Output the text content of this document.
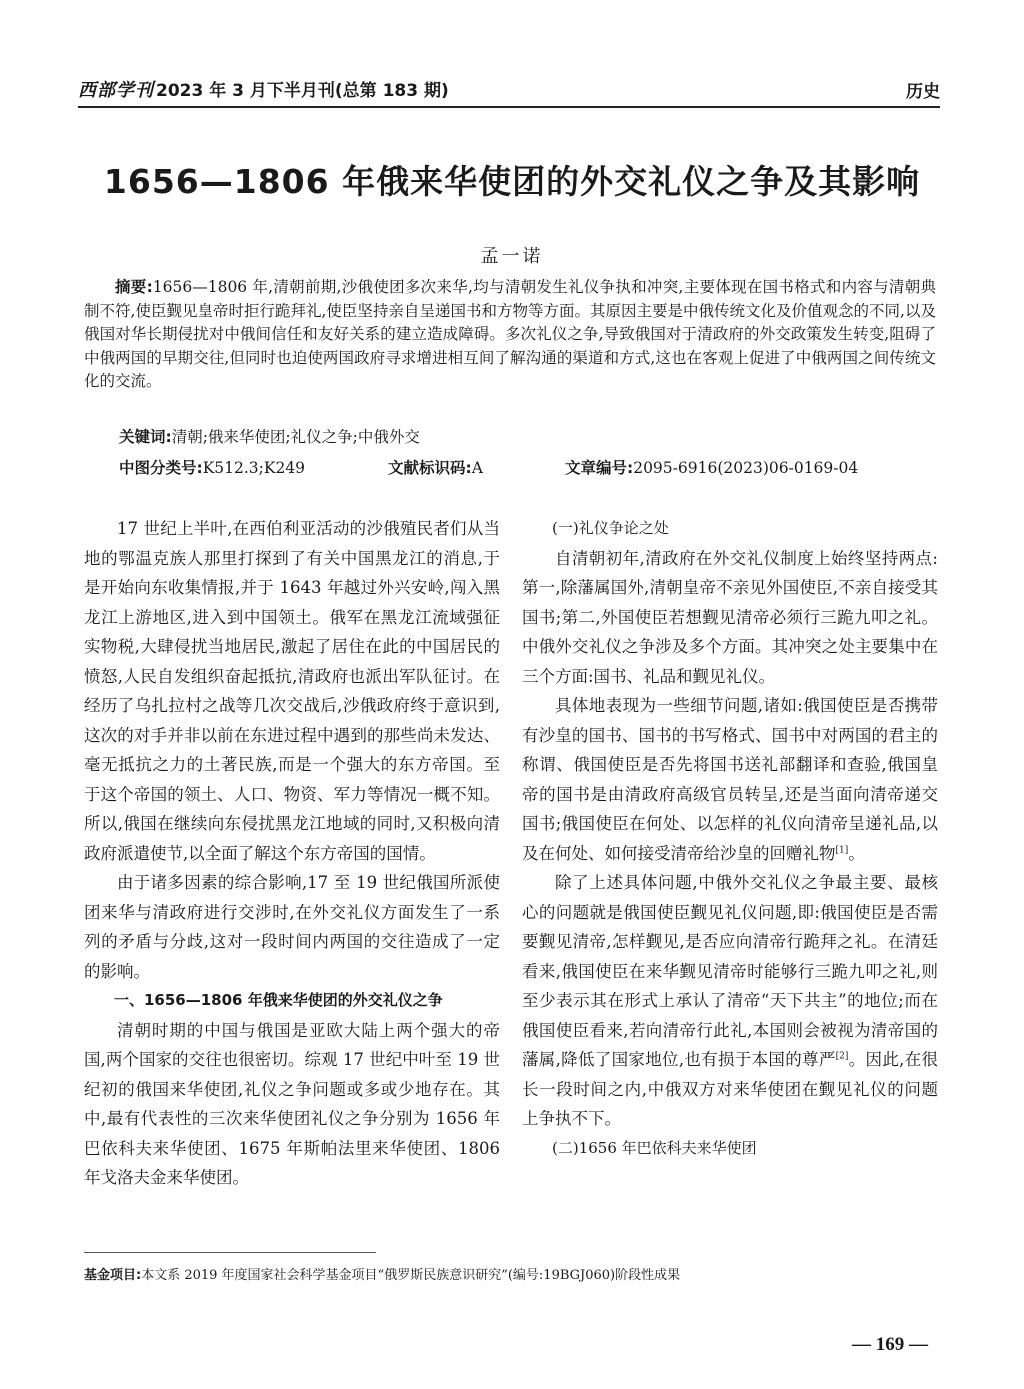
西部学刊 2023 年 3 月下半月刊(总第 183 期)	历史
1656—1806 年俄来华使团的外交礼仪之争及其影响
孟一诺

摘要:1656—1806 年,清朝前期,沙俄使团多次来华,均与清朝发生礼仪争执和冲突,主要体现在国书格式和内容与清朝典制不符,使臣觐见皇帝时拒行跪拜礼,使臣坚持亲自呈递国书和方物等方面。其原因主要是中俄传统文化及价值观念的不同,以及俄国对华长期侵扰对中俄间信任和友好关系的建立造成障碍。多次礼仪之争,导致俄国对于清政府的外交政策发生转变,阻碍了中俄两国的早期交往,但同时也迫使两国政府寻求增进相互间了解沟通的渠道和方式,这也在客观上促进了中俄两国之间传统文化的交流。

关键词:清朝;俄来华使团;礼仪之争;中俄外交
中图分类号:K512.3;K249	文献标识码:A	文章编号:2095-6916(2023)06-0169-04

17 世纪上半叶,在西伯利亚活动的沙俄殖民者们从当地的鄂温克族人那里打探到了有关中国黑龙江的消息,于是开始向东收集情报,并于 1643 年越过外兴安岭,闯入黑龙江上游地区,进入到中国领土。俄军在黑龙江流域强征实物税,大肆侵扰当地居民,激起了居住在此的中国居民的愤怒,人民自发组织奋起抵抗,清政府也派出军队征讨。在经历了乌扎拉村之战等几次交战后,沙俄政府终于意识到,这次的对手并非以前在东进过程中遇到的那些尚未发达、毫无抵抗之力的土著民族,而是一个强大的东方帝国。至于这个帝国的领土、人口、物资、军力等情况一概不知。所以,俄国在继续向东侵扰黑龙江地域的同时,又积极向清政府派遣使节,以全面了解这个东方帝国的国情。

由于诸多因素的综合影响,17 至 19 世纪俄国所派使团来华与清政府进行交涉时,在外交礼仪方面发生了一系列的矛盾与分歧,这对一段时间内两国的交往造成了一定的影响。

一、1656—1806 年俄来华使团的外交礼仪之争

清朝时期的中国与俄国是亚欧大陆上两个强大的帝国,两个国家的交往也很密切。综观 17 世纪中叶至 19 世纪初的俄国来华使团,礼仪之争问题或多或少地存在。其中,最有代表性的三次来华使团礼仪之争分别为 1656 年巴依科夫来华使团、1675 年斯帕法里来华使团、1806 年戈洛夫金来华使团。

(一)礼仪争论之处

自清朝初年,清政府在外交礼仪制度上始终坚持两点:第一,除藩属国外,清朝皇帝不亲见外国使臣,不亲自接受其国书;第二,外国使臣若想觐见清帝必须行三跪九叩之礼。中俄外交礼仪之争涉及多个方面。其冲突之处主要集中在三个方面:国书、礼品和觐见礼仪。

具体地表现为一些细节问题,诸如:俄国使臣是否携带有沙皇的国书、国书的书写格式、国书中对两国的君主的称谓、俄国使臣是否先将国书送礼部翻译和查验,俄国皇帝的国书是由清政府高级官员转呈,还是当面向清帝递交国书;俄国使臣在何处、以怎样的礼仪向清帝呈递礼品,以及在何处、如何接受清帝给沙皇的回赠礼物[1]。

除了上述具体问题,中俄外交礼仪之争最主要、最核心的问题就是俄国使臣觐见礼仪问题,即:俄国使臣是否需要觐见清帝,怎样觐见,是否应向清帝行跪拜之礼。在清廷看来,俄国使臣在来华觐见清帝时能够行三跪九叩之礼,则至少表示其在形式上承认了清帝“天下共主”的地位;而在俄国使臣看来,若向清帝行此礼,本国则会被视为清帝国的藩属,降低了国家地位,也有损于本国的尊严[2]。因此,在很长一段时间之内,中俄双方对来华使团在觐见礼仪的问题上争执不下。

(二)1656 年巴依科夫来华使团

基金项目:本文系 2019 年度国家社会科学基金项目“俄罗斯民族意识研究”(编号:19BGJ060)阶段性成果
— 169 —
